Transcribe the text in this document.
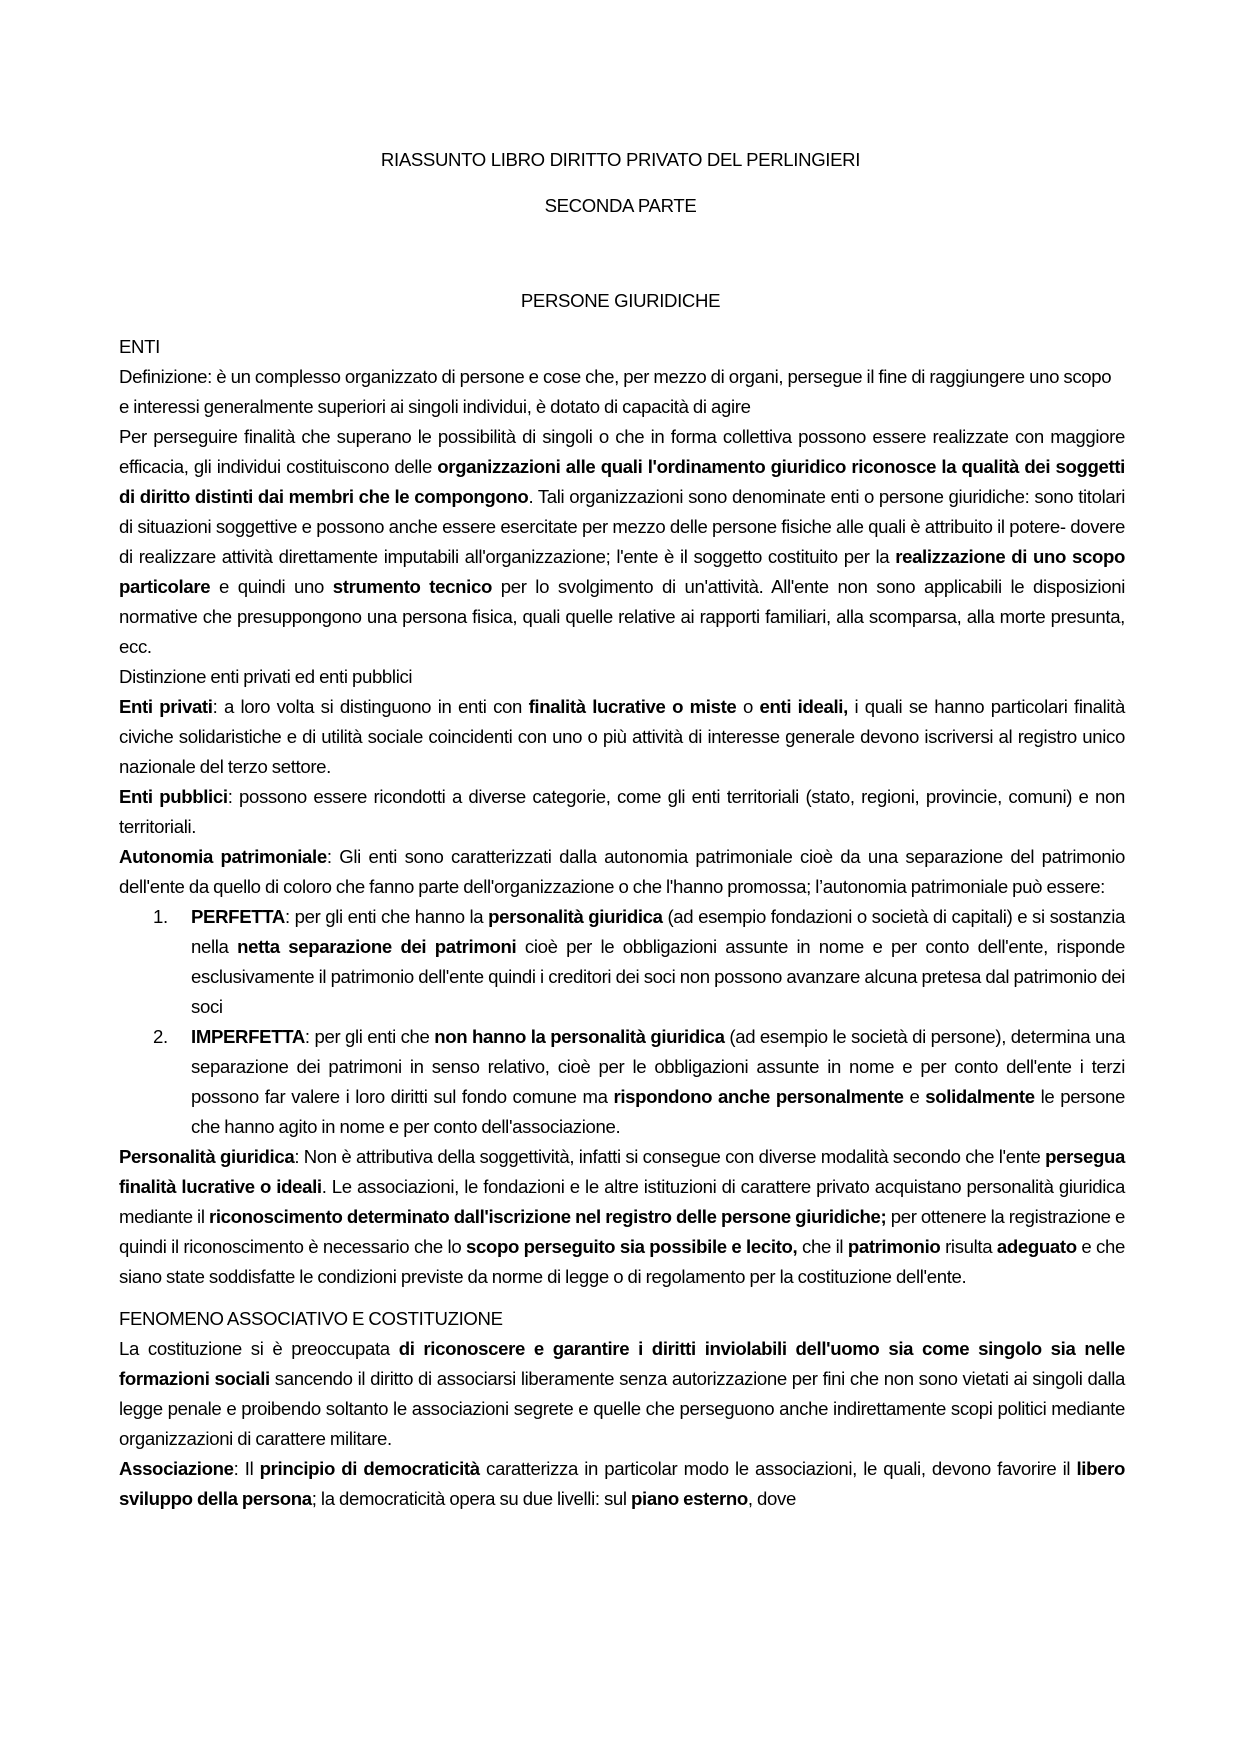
RIASSUNTO LIBRO DIRITTO PRIVATO DEL PERLINGIERI
SECONDA PARTE
PERSONE GIURIDICHE

ENTI

Definizione: è un complesso organizzato di persone e cose che, per mezzo di organi, persegue il fine di raggiungere uno scopo e interessi generalmente superiori ai singoli individui, è dotato di capacità di agire

Per perseguire finalità che superano le possibilità di singoli o che in forma collettiva possono essere realizzate con maggiore efficacia, gli individui costituiscono delle organizzazioni alle quali l'ordinamento giuridico riconosce la qualità dei soggetti di diritto distinti dai membri che le compongono. Tali organizzazioni sono denominate enti o persone giuridiche: sono titolari di situazioni soggettive e possono anche essere esercitate per mezzo delle persone fisiche alle quali è attribuito il potere- dovere di realizzare attività direttamente imputabili all'organizzazione; l'ente è il soggetto costituito per la realizzazione di uno scopo particolare e quindi uno strumento tecnico per lo svolgimento di un'attività. All'ente non sono applicabili le disposizioni normative che presuppongono una persona fisica, quali quelle relative ai rapporti familiari, alla scomparsa, alla morte presunta, ecc.

Distinzione enti privati ed enti pubblici

Enti privati: a loro volta si distinguono in enti con finalità lucrative o miste o enti ideali, i quali se hanno particolari finalità civiche solidaristiche e di utilità sociale coincidenti con uno o più attività di interesse generale devono iscriversi al registro unico nazionale del terzo settore.

Enti pubblici: possono essere ricondotti a diverse categorie, come gli enti territoriali (stato, regioni, provincie, comuni) e non territoriali.

Autonomia patrimoniale: Gli enti sono caratterizzati dalla autonomia patrimoniale cioè da una separazione del patrimonio dell'ente da quello di coloro che fanno parte dell'organizzazione o che l'hanno promossa; l’autonomia patrimoniale può essere:

1. PERFETTA: per gli enti che hanno la personalità giuridica (ad esempio fondazioni o società di capitali) e si sostanzia nella netta separazione dei patrimoni cioè per le obbligazioni assunte in nome e per conto dell'ente, risponde esclusivamente il patrimonio dell'ente quindi i creditori dei soci non possono avanzare alcuna pretesa dal patrimonio dei soci
2. IMPERFETTA: per gli enti che non hanno la personalità giuridica (ad esempio le società di persone), determina una separazione dei patrimoni in senso relativo, cioè per le obbligazioni assunte in nome e per conto dell'ente i terzi possono far valere i loro diritti sul fondo comune ma rispondono anche personalmente e solidalmente le persone che hanno agito in nome e per conto dell'associazione.

Personalità giuridica: Non è attributiva della soggettività, infatti si consegue con diverse modalità secondo che l'ente persegua finalità lucrative o ideali. Le associazioni, le fondazioni e le altre istituzioni di carattere privato acquistano personalità giuridica mediante il riconoscimento determinato dall'iscrizione nel registro delle persone giuridiche; per ottenere la registrazione e quindi il riconoscimento è necessario che lo scopo perseguito sia possibile e lecito, che il patrimonio risulta adeguato e che siano state soddisfatte le condizioni previste da norme di legge o di regolamento per la costituzione dell'ente.

FENOMENO ASSOCIATIVO E COSTITUZIONE

La costituzione si è preoccupata di riconoscere e garantire i diritti inviolabili dell'uomo sia come singolo sia nelle formazioni sociali sancendo il diritto di associarsi liberamente senza autorizzazione per fini che non sono vietati ai singoli dalla legge penale e proibendo soltanto le associazioni segrete e quelle che perseguono anche indirettamente scopi politici mediante organizzazioni di carattere militare.

Associazione: Il principio di democraticità caratterizza in particolar modo le associazioni, le quali, devono favorire il libero sviluppo della persona; la democraticità opera su due livelli: sul piano esterno, dove
